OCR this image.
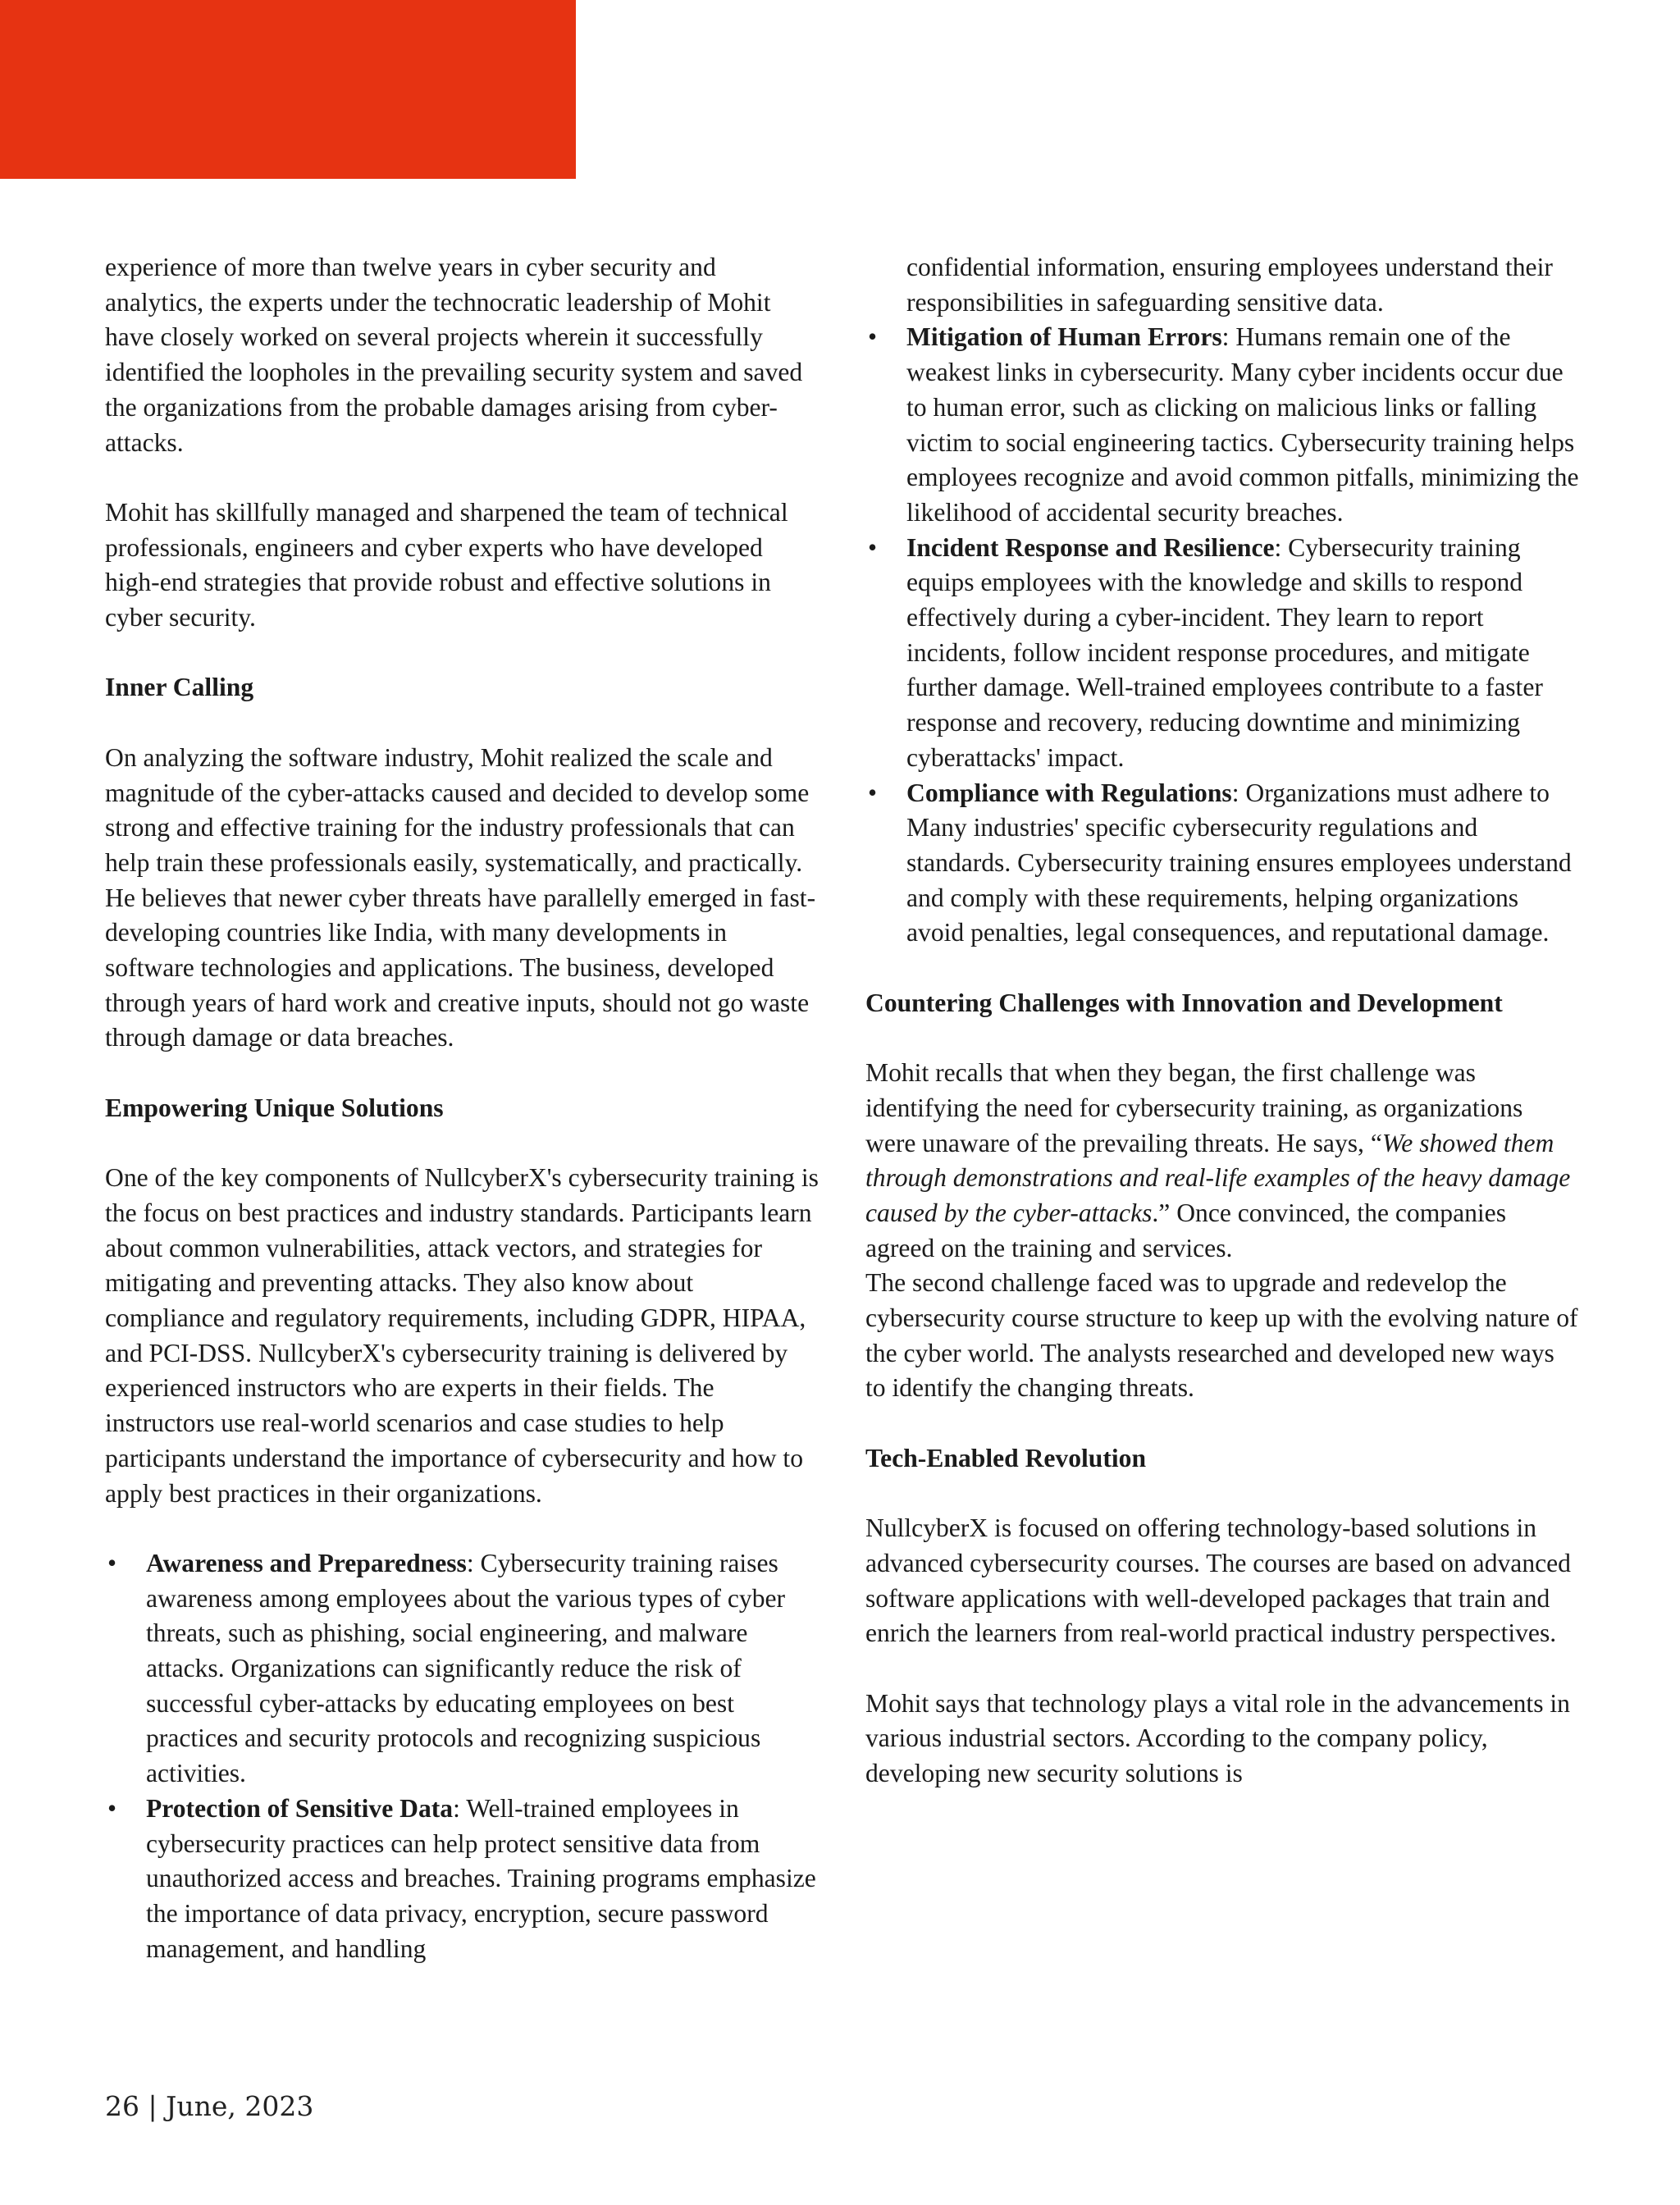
experience of more than twelve years in cyber security and analytics, the experts under the technocratic leadership of Mohit have closely worked on several projects wherein it successfully identified the loopholes in the prevailing security system and saved the organizations from the probable damages arising from cyber-attacks.

Mohit has skillfully managed and sharpened the team of technical professionals, engineers and cyber experts who have developed high-end strategies that provide robust and effective solutions in cyber security.

Inner Calling

On analyzing the software industry, Mohit realized the scale and magnitude of the cyber-attacks caused and decided to develop some strong and effective training for the industry professionals that can help train these professionals easily, systematically, and practically. He believes that newer cyber threats have parallelly emerged in fast-developing countries like India, with many developments in software technologies and applications. The business, developed through years of hard work and creative inputs, should not go waste through damage or data breaches.

Empowering Unique Solutions

One of the key components of NullcyberX's cybersecurity training is the focus on best practices and industry standards. Participants learn about common vulnerabilities, attack vectors, and strategies for mitigating and preventing attacks. They also know about compliance and regulatory requirements, including GDPR, HIPAA, and PCI-DSS. NullcyberX's cybersecurity training is delivered by experienced instructors who are experts in their fields. The instructors use real-world scenarios and case studies to help participants understand the importance of cybersecurity and how to apply best practices in their organizations.

• Awareness and Preparedness: Cybersecurity training raises awareness among employees about the various types of cyber threats, such as phishing, social engineering, and malware attacks. Organizations can significantly reduce the risk of successful cyber-attacks by educating employees on best practices and security protocols and recognizing suspicious activities.
• Protection of Sensitive Data: Well-trained employees in cybersecurity practices can help protect sensitive data from unauthorized access and breaches. Training programs emphasize the importance of data privacy, encryption, secure password management, and handling
confidential information, ensuring employees understand their responsibilities in safeguarding sensitive data.
• Mitigation of Human Errors: Humans remain one of the weakest links in cybersecurity. Many cyber incidents occur due to human error, such as clicking on malicious links or falling victim to social engineering tactics. Cybersecurity training helps employees recognize and avoid common pitfalls, minimizing the likelihood of accidental security breaches.
• Incident Response and Resilience: Cybersecurity training equips employees with the knowledge and skills to respond effectively during a cyber-incident. They learn to report incidents, follow incident response procedures, and mitigate further damage. Well-trained employees contribute to a faster response and recovery, reducing downtime and minimizing cyberattacks' impact.
• Compliance with Regulations: Organizations must adhere to Many industries' specific cybersecurity regulations and standards. Cybersecurity training ensures employees understand and comply with these requirements, helping organizations avoid penalties, legal consequences, and reputational damage.
Countering Challenges with Innovation and Development

Mohit recalls that when they began, the first challenge was identifying the need for cybersecurity training, as organizations were unaware of the prevailing threats. He says, “We showed them through demonstrations and real-life examples of the heavy damage caused by the cyber-attacks.” Once convinced, the companies agreed on the training and services.

The second challenge faced was to upgrade and redevelop the cybersecurity course structure to keep up with the evolving nature of the cyber world. The analysts researched and developed new ways to identify the changing threats.

Tech-Enabled Revolution

NullcyberX is focused on offering technology-based solutions in advanced cybersecurity courses. The courses are based on advanced software applications with well-developed packages that train and enrich the learners from real-world practical industry perspectives.

Mohit says that technology plays a vital role in the advancements in various industrial sectors. According to the company policy, developing new security solutions is

26 | June, 2023
